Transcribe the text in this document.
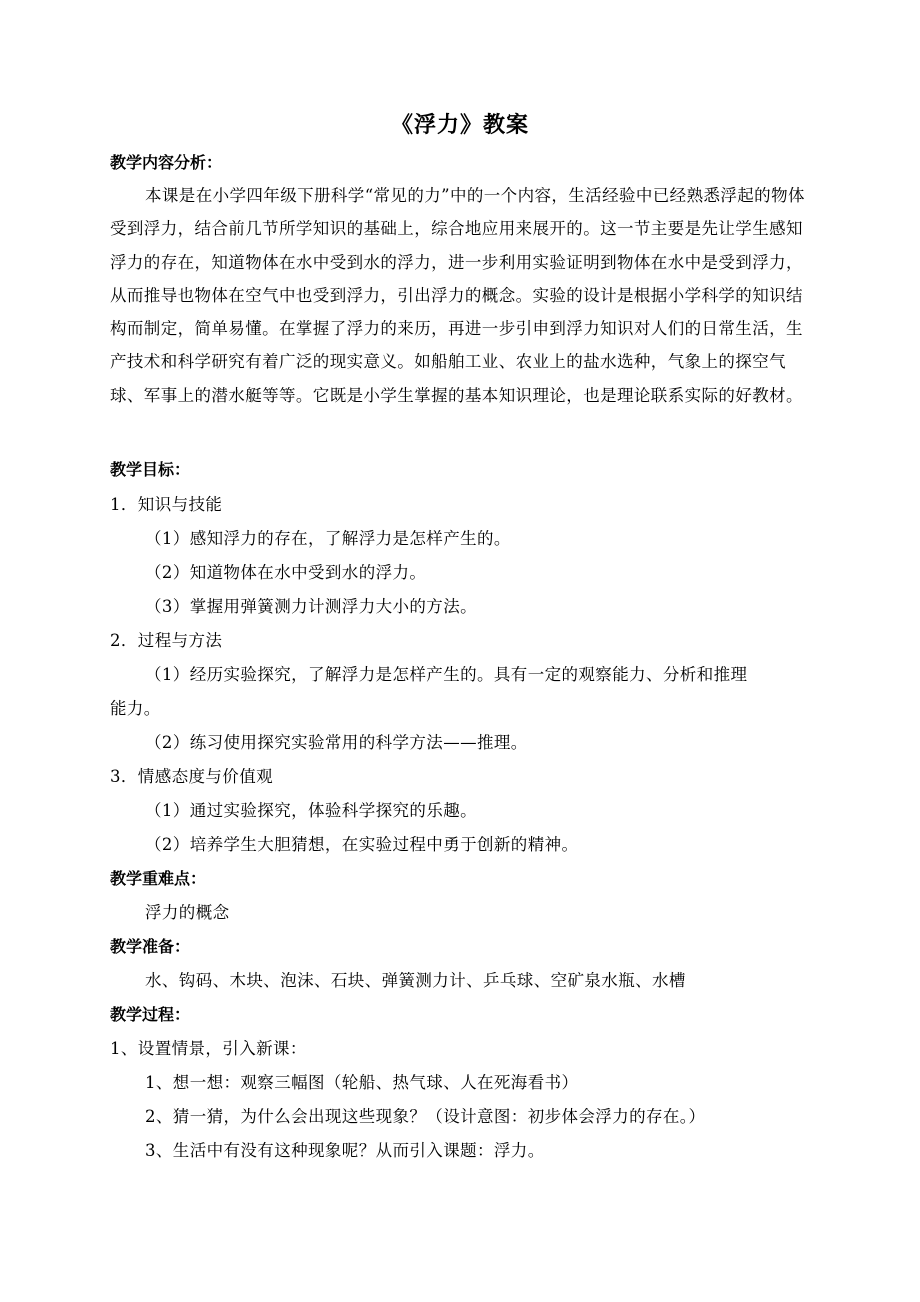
《浮力》教案
教学内容分析：
本课是在小学四年级下册科学“常见的力”中的一个内容，生活经验中已经熟悉浮起的物体受到浮力，结合前几节所学知识的基础上，综合地应用来展开的。这一节主要是先让学生感知浮力的存在，知道物体在水中受到水的浮力，进一步利用实验证明到物体在水中是受到浮力，从而推导也物体在空气中也受到浮力，引出浮力的概念。实验的设计是根据小学科学的知识结构而制定，简单易懂。在掌握了浮力的来历，再进一步引申到浮力知识对人们的日常生活，生产技术和科学研究有着广泛的现实意义。如船舶工业、农业上的盐水选种，气象上的探空气球、军事上的潜水艇等等。它既是小学生掌握的基本知识理论，也是理论联系实际的好教材。
教学目标：
1．知识与技能
（1）感知浮力的存在，了解浮力是怎样产生的。
（2）知道物体在水中受到水的浮力。
（3）掌握用弹簧测力计测浮力大小的方法。
2．过程与方法
（1）经历实验探究，了解浮力是怎样产生的。具有一定的观察能力、分析和推理
能力。
（2）练习使用探究实验常用的科学方法——推理。
3．情感态度与价值观
（1）通过实验探究，体验科学探究的乐趣。
（2）培养学生大胆猜想，在实验过程中勇于创新的精神。
教学重难点：
浮力的概念
教学准备：
水、钩码、木块、泡沫、石块、弹簧测力计、乒乓球、空矿泉水瓶、水槽
教学过程：
1、设置情景，引入新课：
1、想一想：观察三幅图（轮船、热气球、人在死海看书）
2、猜一猜，为什么会出现这些现象？（设计意图：初步体会浮力的存在。）
3、生活中有没有这种现象呢？从而引入课题：浮力。
